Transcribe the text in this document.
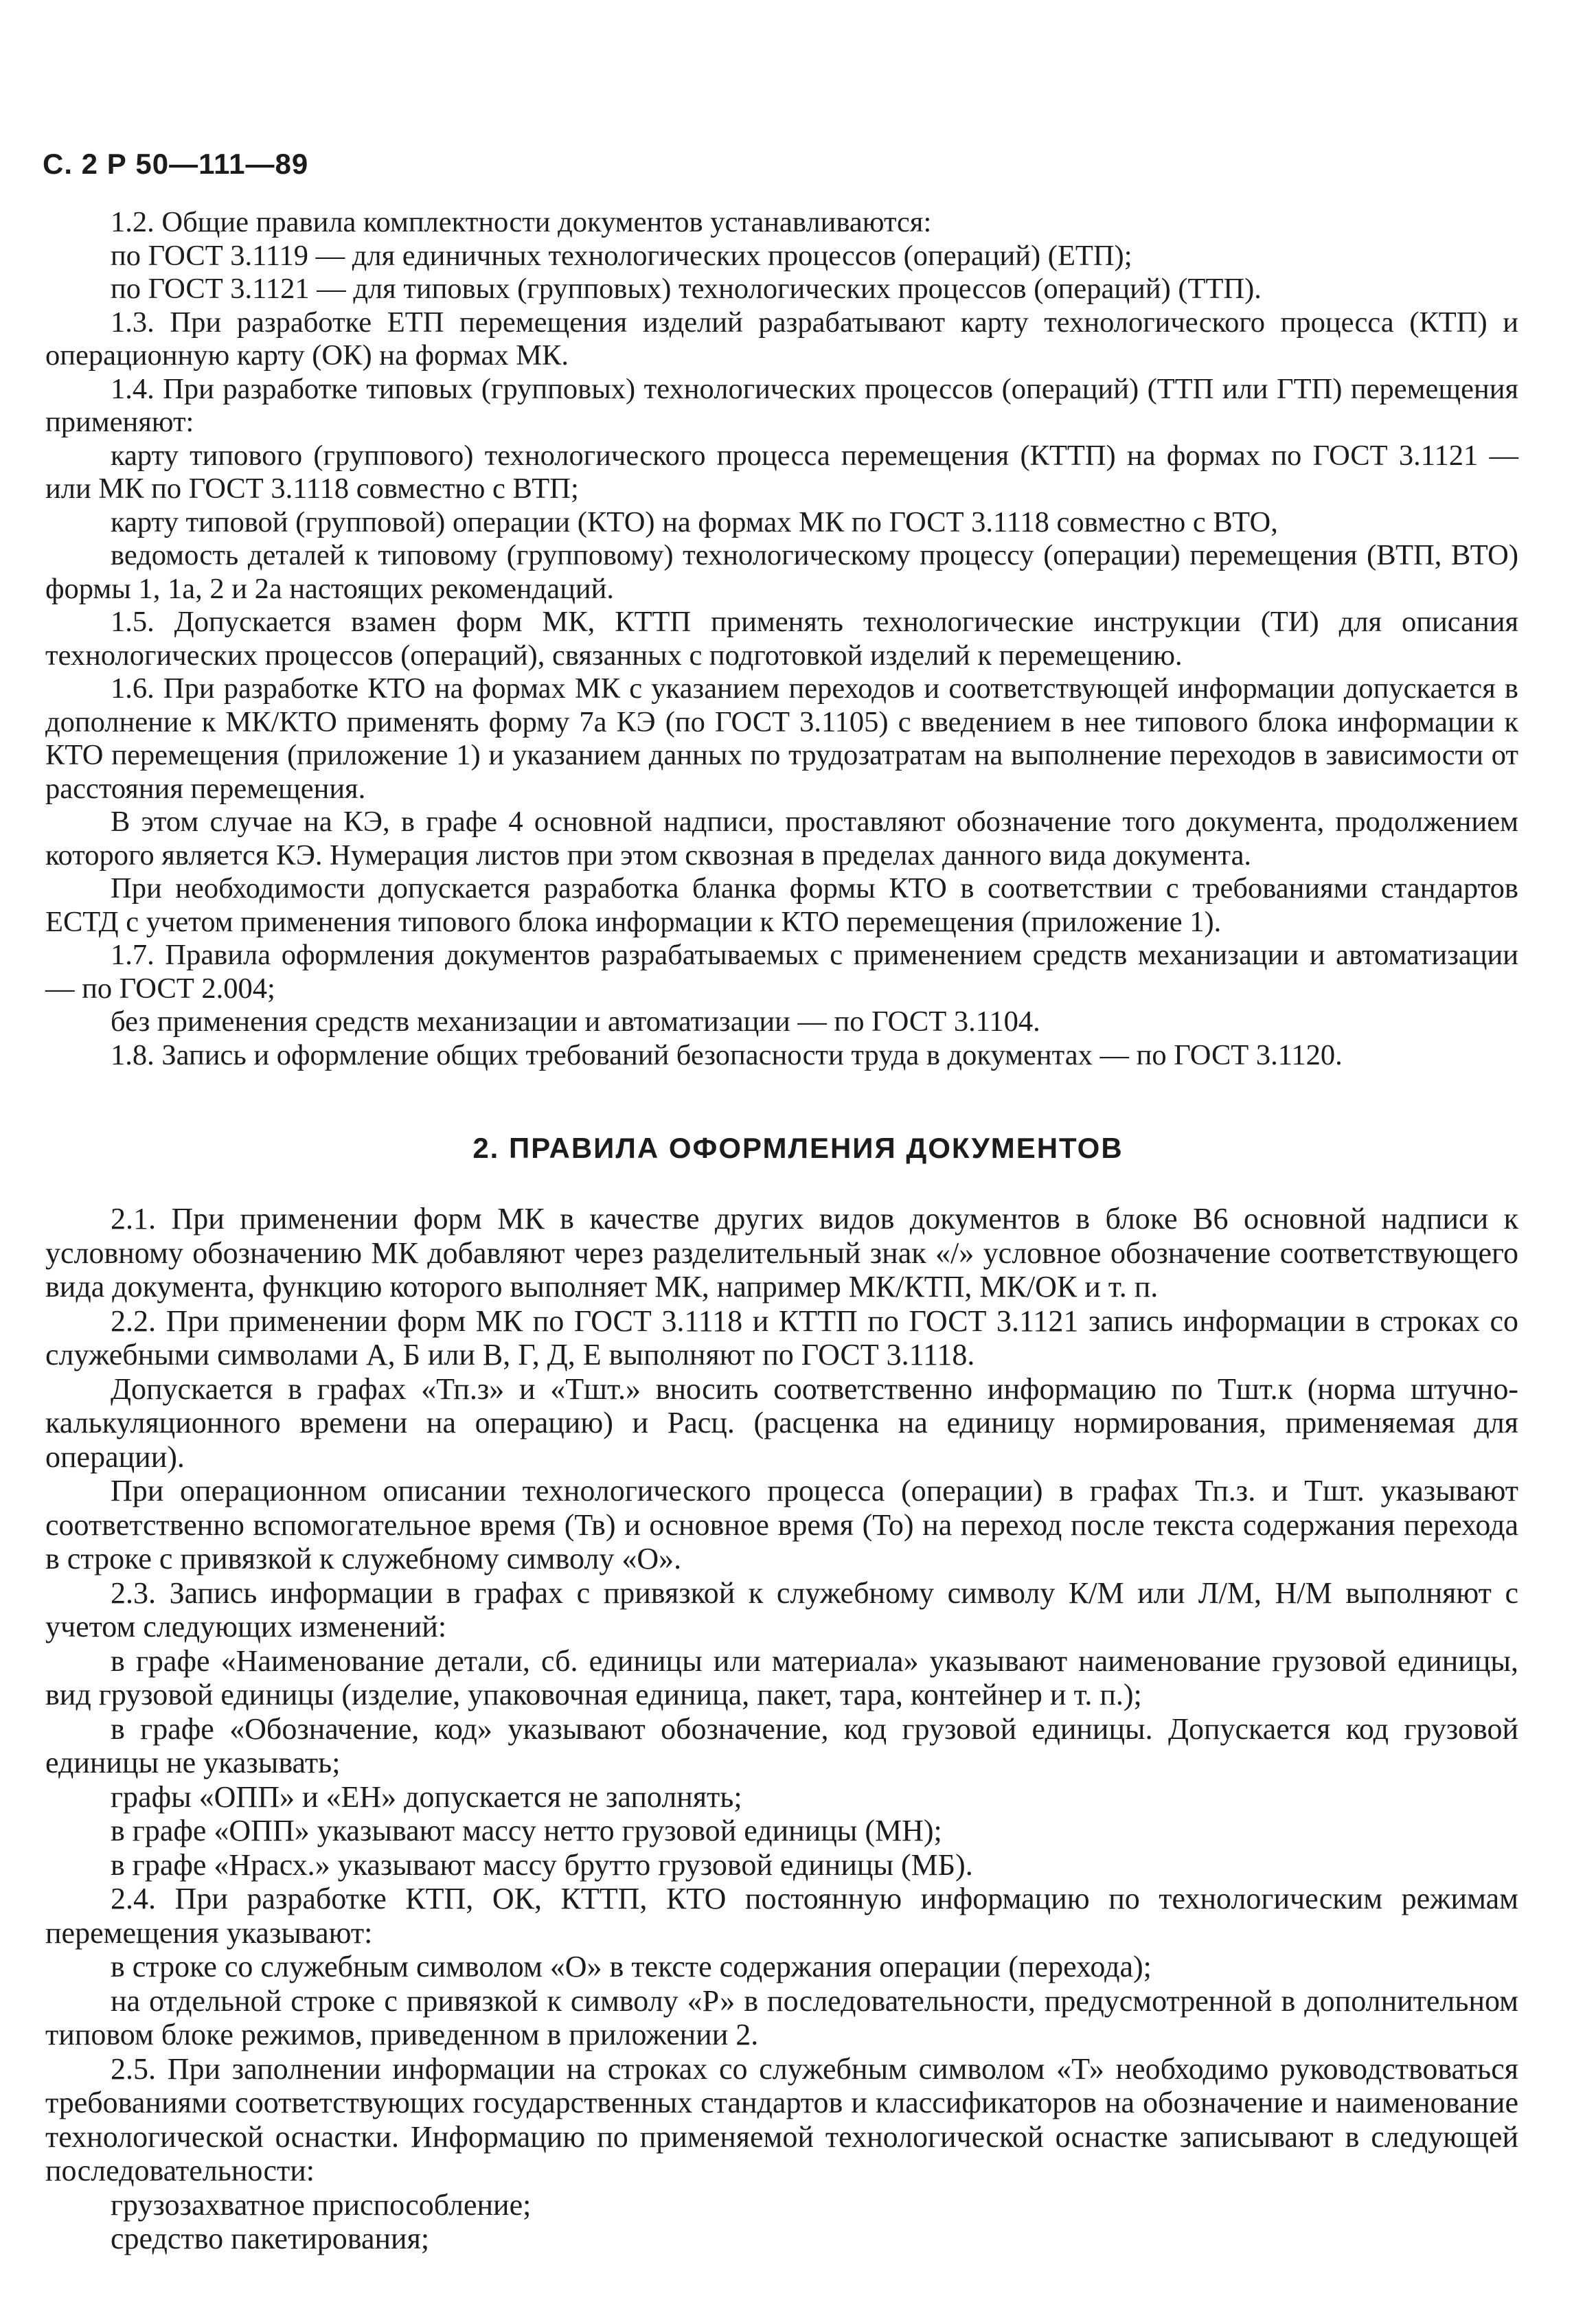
С. 2 Р 50—111—89

1.2. Общие правила комплектности документов устанавливаются:

по ГОСТ 3.1119 — для единичных технологических процессов (операций) (ЕТП);

по ГОСТ 3.1121 — для типовых (групповых) технологических процессов (операций) (ТТП).

1.3. При разработке ЕТП перемещения изделий разрабатывают карту технологического процесса (КТП) и операционную карту (ОК) на формах МК.

1.4. При разработке типовых (групповых) технологических процессов (операций) (ТТП или ГТП) перемещения применяют:

карту типового (группового) технологического процесса перемещения (КТТП) на формах по ГОСТ 3.1121 — или МК по ГОСТ 3.1118 совместно с ВТП;

карту типовой (групповой) операции (КТО) на формах МК по ГОСТ 3.1118 совместно с ВТО,

ведомость деталей к типовому (групповому) технологическому процессу (операции) перемещения (ВТП, ВТО) формы 1, 1а, 2 и 2а настоящих рекомендаций.

1.5. Допускается взамен форм МК, КТТП применять технологические инструкции (ТИ) для описания технологических процессов (операций), связанных с подготовкой изделий к перемещению.

1.6. При разработке КТО на формах МК с указанием переходов и соответствующей информации допускается в дополнение к МК/КТО применять форму 7а КЭ (по ГОСТ 3.1105) с введением в нее типового блока информации к КТО перемещения (приложение 1) и указанием данных по трудозатратам на выполнение переходов в зависимости от расстояния перемещения.

В этом случае на КЭ, в графе 4 основной надписи, проставляют обозначение того документа, продолжением которого является КЭ. Нумерация листов при этом сквозная в пределах данного вида документа.

При необходимости допускается разработка бланка формы КТО в соответствии с требованиями стандартов ЕСТД с учетом применения типового блока информации к КТО перемещения (приложение 1).

1.7. Правила оформления документов разрабатываемых с применением средств механизации и автоматизации — по ГОСТ 2.004;

без применения средств механизации и автоматизации — по ГОСТ 3.1104.

1.8. Запись и оформление общих требований безопасности труда в документах — по ГОСТ 3.1120.

2. ПРАВИЛА ОФОРМЛЕНИЯ ДОКУМЕНТОВ

2.1. При применении форм МК в качестве других видов документов в блоке В6 основной надписи к условному обозначению МК добавляют через разделительный знак «/» условное обозначение соответствующего вида документа, функцию которого выполняет МК, например МК/КТП, МК/ОК и т. п.

2.2. При применении форм МК по ГОСТ 3.1118 и КТТП по ГОСТ 3.1121 запись информации в строках со служебными символами А, Б или В, Г, Д, Е выполняют по ГОСТ 3.1118.

Допускается в графах «Тп.з» и «Тшт.» вносить соответственно информацию по Тшт.к (норма штучно-калькуляционного времени на операцию) и Расц. (расценка на единицу нормирования, применяемая для операции).

При операционном описании технологического процесса (операции) в графах Тп.з. и Тшт. указывают соответственно вспомогательное время (Тв) и основное время (То) на переход после текста содержания перехода в строке с привязкой к служебному символу «О».

2.3. Запись информации в графах с привязкой к служебному символу К/М или Л/М, Н/М выполняют с учетом следующих изменений:

в графе «Наименование детали, сб. единицы или материала» указывают наименование грузовой единицы, вид грузовой единицы (изделие, упаковочная единица, пакет, тара, контейнер и т. п.);

в графе «Обозначение, код» указывают обозначение, код грузовой единицы. Допускается код грузовой единицы не указывать;

графы «ОПП» и «ЕН» допускается не заполнять;

в графе «ОПП» указывают массу нетто грузовой единицы (МН);

в графе «Нрасх.» указывают массу брутто грузовой единицы (МБ).

2.4. При разработке КТП, ОК, КТТП, КТО постоянную информацию по технологическим режимам перемещения указывают:

в строке со служебным символом «О» в тексте содержания операции (перехода);

на отдельной строке с привязкой к символу «Р» в последовательности, предусмотренной в дополнительном типовом блоке режимов, приведенном в приложении 2.

2.5. При заполнении информации на строках со служебным символом «Т» необходимо руководствоваться требованиями соответствующих государственных стандартов и классификаторов на обозначение и наименование технологической оснастки. Информацию по применяемой технологической оснастке записывают в следующей последовательности:

грузозахватное приспособление;

средство пакетирования;
